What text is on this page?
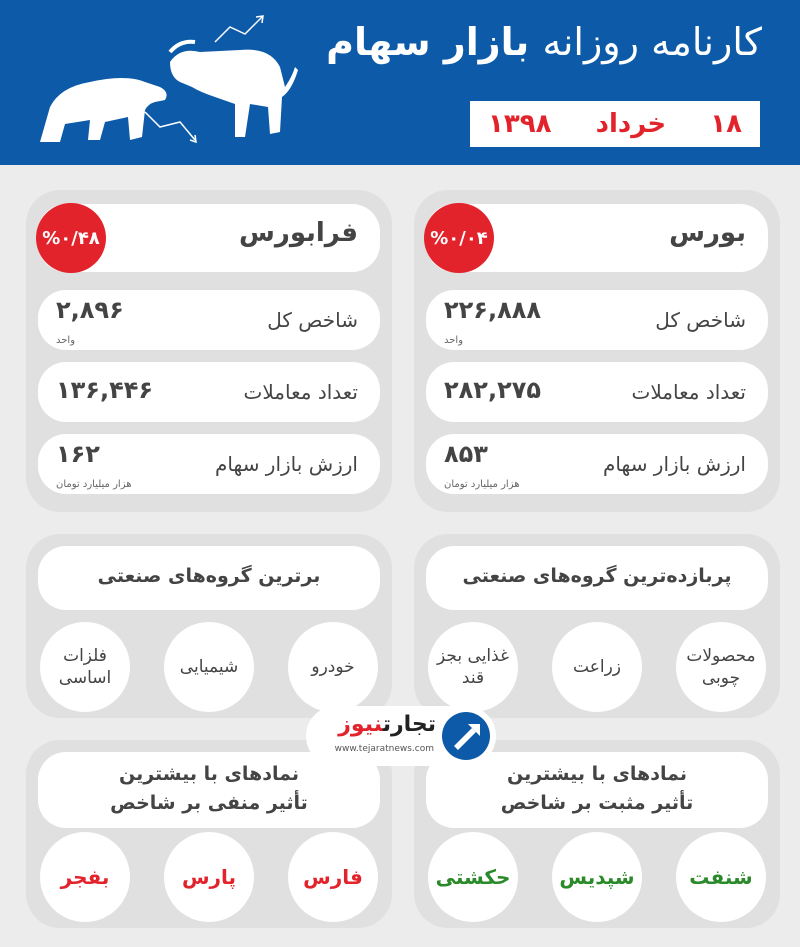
کارنامه روزانه بازار سهام
۱۸
خرداد
۱۳۹۸
بورس
%۰/۰۴
شاخص کل
۲۲۶,۸۸۸
واحد
تعداد معاملات
۲۸۲,۲۷۵
ارزش بازار سهام
۸۵۳
هزار میلیارد تومان
فرابورس
%۰/۴۸
شاخص کل
۲,۸۹۶
واحد
تعداد معاملات
۱۳۶,۴۴۶
ارزش بازار سهام
۱۶۲
هزار میلیارد تومان
پربازده‌ترین گروه‌های صنعتی
محصولات چوبی
زراعت
غذایی بجز قند
برترین گروه‌های صنعتی
خودرو
شیمیایی
فلزات اساسی
نمادهای با بیشترین
تأثیر مثبت بر شاخص
شنفت
شپدیس
حکشتی
نمادهای با بیشترین
تأثیر منفی بر شاخص
فارس
پارس
بفجر
تجارتنیوز
www.tejaratnews.com
